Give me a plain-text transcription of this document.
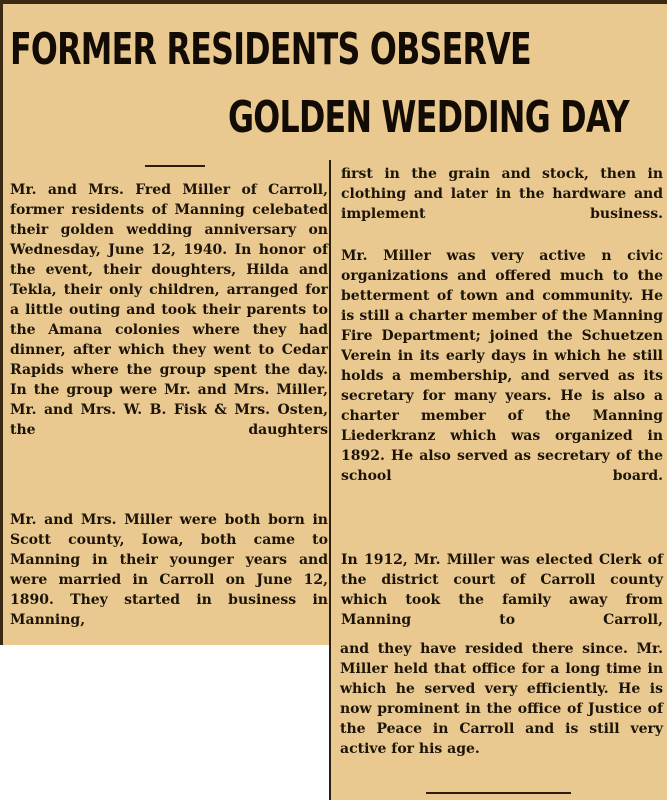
FORMER RESIDENTS OBSERVE
GOLDEN WEDDING DAY

Mr. and Mrs. Fred Miller of Carroll, former residents of Manning celebated their golden wedding anniversary on Wednesday, June 12, 1940. In honor of the event, their doughters, Hilda and Tekla, their only children, arranged for a little outing and took their parents to the Amana colonies where they had dinner, after which they went to Cedar Rapids where the group spent the day. In the group were Mr. and Mrs. Miller, Mr. and Mrs. W. B. Fisk & Mrs. Osten, the daughters

Mr. and Mrs. Miller were both born in Scott county, Iowa, both came to Manning in their younger years and were married in Carroll on June 12, 1890. They started in business in Manning,

first in the grain and stock, then in clothing and later in the hardware and implement business.

Mr. Miller was very active n civic organizations and offered much to the betterment of town and community. He is still a charter member of the Manning Fire Department; joined the Schuetzen Verein in its early days in which he still holds a membership, and served as its secretary for many years. He is also a charter member of the Manning Liederkranz which was organized in 1892. He also served as secretary of the school board.

In 1912, Mr. Miller was elected Clerk of the district court of Carroll county which took the family away from Manning to Carroll,

and they have resided there since. Mr. Miller held that office for a long time in which he served very efficiently. He is now prominent in the office of Justice of the Peace in Carroll and is still very active for his age.
